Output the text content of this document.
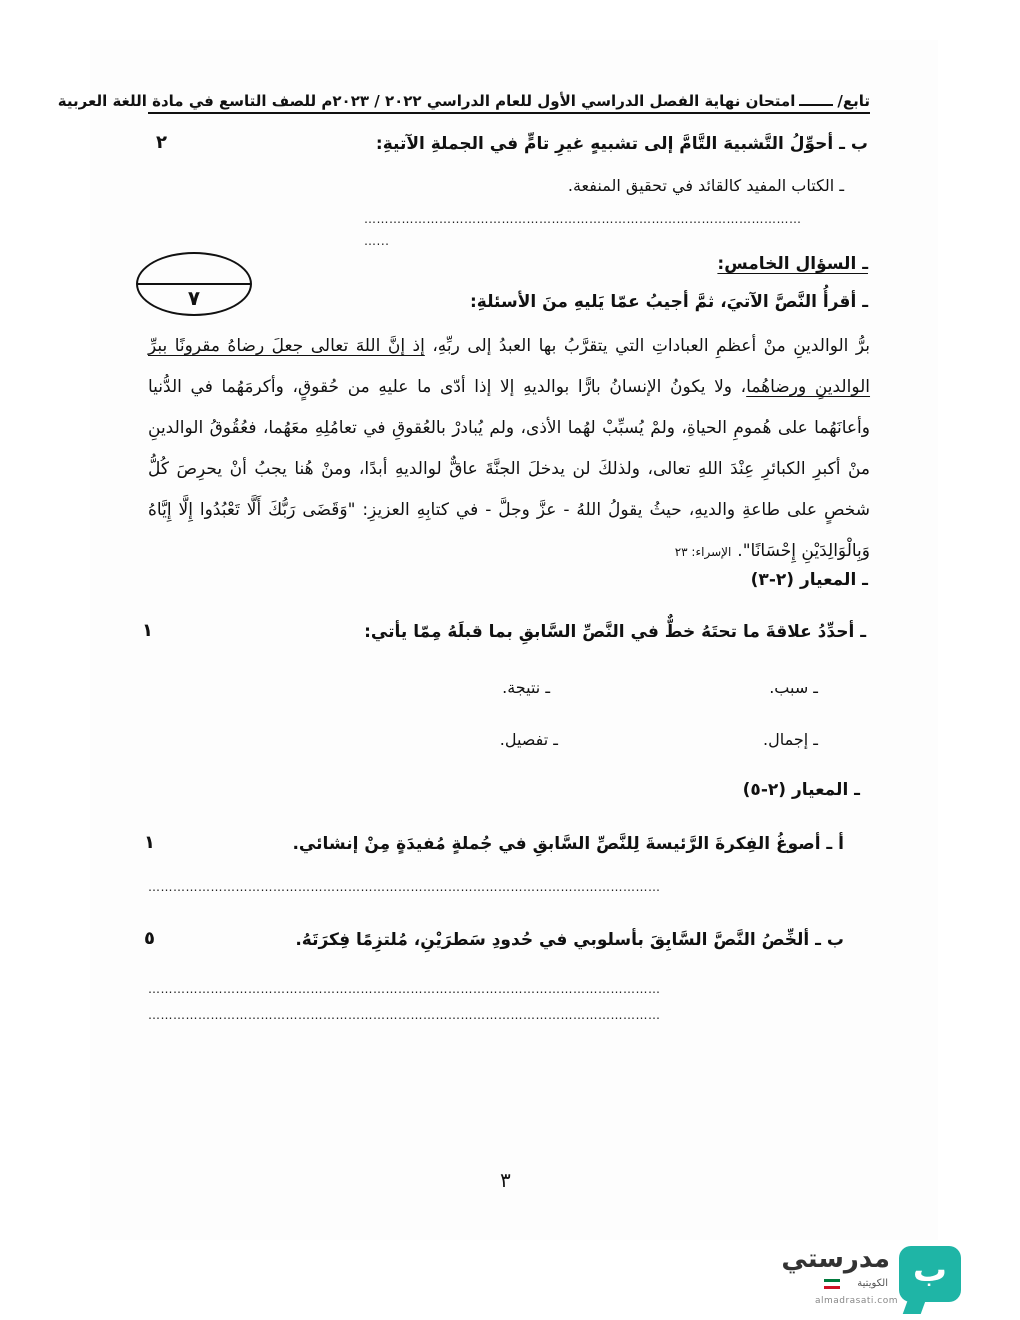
تابع/امتحان نهاية الفصل الدراسي الأول للعام الدراسي ٢٠٢٢ / ٢٠٢٣م للصف التاسع في مادة اللغة العربية
ب ـ أحوِّلُ التَّشبيهَ التَّامَّ إلى تشبيهٍ غيرِ تامٍّ في الجملةِ الآتيةِ:
٢
ـ الكتاب المفيد كالقائد في تحقيق المنفعة.
……………………………………………………………………………………………
…...
ـ السؤال الخامس:
٧	ـ أقرأُ النَّصَّ الآتيَ، ثمَّ أجيبُ عمّا يَليهِ منَ الأسئلةِ:
برُّ الوالدينِ منْ أعظمِ العباداتِ التي يتقرَّبُ بها العبدُ إلى ربِّهِ، إذ إنَّ اللهَ تعالى جعلَ رضاهُ مقرونًا ببرِّ الوالدينِ ورضاهُما، ولا يكونُ الإنسانُ بارًّا بوالديهِ إلا إذا أدّى ما عليهِ من حُقوقٍ، وأكرمَهُما في الدُّنيا وأعانَهُما على هُمومِ الحياةِ، ولمْ يُسبِّبْ لهُما الأذى، ولم يُبادرْ بالعُقوقِ في تعامُلِهِ معَهُما، فعُقُوقُ الوالدينِ منْ أكبرِ الكبائرِ عِنْدَ اللهِ تعالى، ولذلكَ لن يدخلَ الجنَّةَ عاقٌّ لوالديهِ أبدًا، ومنْ هُنا يجبُ أنْ يحرِصَ كُلُّ شخصٍ على طاعةِ والديهِ، حيثُ يقولُ اللهُ - عزَّ وجلَّ - في كتابِهِ العزيزِ: "وَقَضَى رَبُّكَ أَلَّا تَعْبُدُوا إِلَّا إِيَّاهُ وَبِالْوَالِدَيْنِ إِحْسَانًا".الإسراء: ٢٣
ـ المعيار (٢-٣)
ـ أحدِّدُ علاقةَ ما تحتَهُ خطٌّ في النَّصِّ السَّابقِ بما قبلَهُ مِمّا يأتي:
١
ـ سبب.
ـ نتيجة.
ـ إجمال.
ـ تفصيل.
ـ المعيار (٢-٥)
أ ـ أصوغُ الفِكرةَ الرَّئيسةَ لِلنَّصِّ السَّابقِ في جُملةٍ مُفيدَةٍ مِنْ إنشائي.
١
……………………………………………………………………………………………………………
ب ـ ألخِّصُ النَّصَّ السَّابِقَ بأسلوبي في حُدودِ سَطرَيْنِ، مُلتزِمًا فِكرَتَهُ.
٥
……………………………………………………………………………………………………………
……………………………………………………………………………………………………………
٣
ب
مدرستي
الكويتية
almadrasati.com
